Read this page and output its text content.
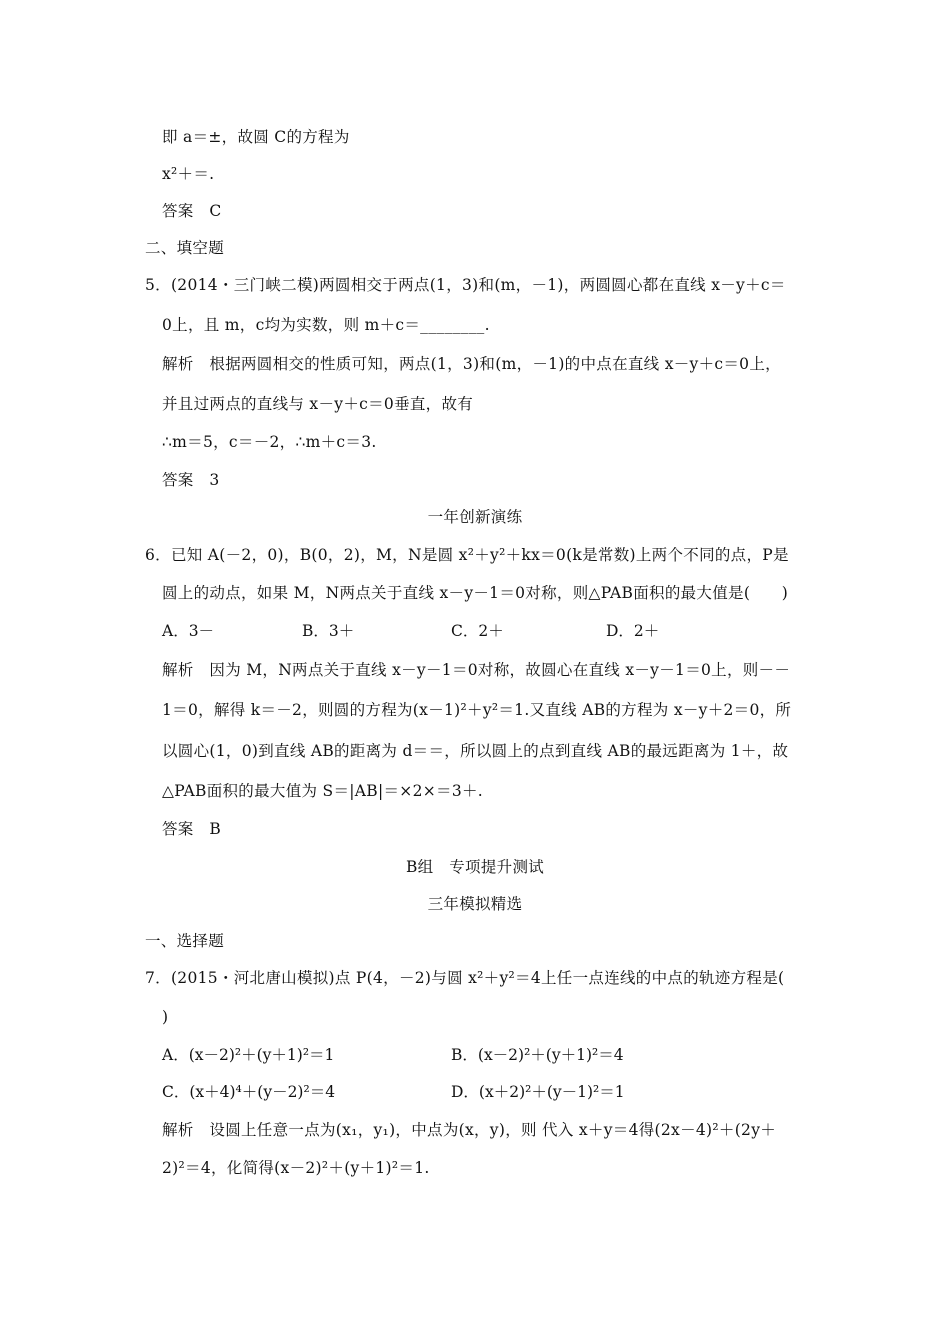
即 a＝±，故圆 C的方程为
x²＋＝.
答案　C
二、填空题
5．(2014・三门峡二模)两圆相交于两点(1，3)和(m，－1)，两圆圆心都在直线 x－y＋c＝
0上，且 m，c均为实数，则 m＋c＝________.
解析　根据两圆相交的性质可知，两点(1，3)和(m，－1)的中点在直线 x－y＋c＝0上，
并且过两点的直线与 x－y＋c＝0垂直，故有
∴m＝5，c＝－2，∴m＋c＝3.
答案　3
一年创新演练
6．已知 A(－2，0)，B(0，2)，M，N是圆 x²＋y²＋kx＝0(k是常数)上两个不同的点，P是
圆上的动点，如果 M，N两点关于直线 x－y－1＝0对称，则△PAB面积的最大值是(　　)
A．3－	B．3＋	C．2＋	D．2＋
解析　因为 M，N两点关于直线 x－y－1＝0对称，故圆心在直线 x－y－1＝0上，则－－
1＝0，解得 k＝－2，则圆的方程为(x－1)²＋y²＝1.又直线 AB的方程为 x－y＋2＝0，所
以圆心(1，0)到直线 AB的距离为 d＝＝，所以圆上的点到直线 AB的最远距离为 1＋，故
△PAB面积的最大值为 S＝|AB|＝×2×＝3＋.
答案　B
B组　专项提升测试
三年模拟精选
一、选择题
7．(2015・河北唐山模拟)点 P(4，－2)与圆 x²＋y²＝4上任一点连线的中点的轨迹方程是(
)
A．(x－2)²＋(y＋1)²＝1	B．(x－2)²＋(y＋1)²＝4
C．(x＋4)⁴＋(y－2)²＝4	D．(x＋2)²＋(y－1)²＝1
解析　设圆上任意一点为(x₁，y₁)，中点为(x，y)，则 代入 x＋y＝4得(2x－4)²＋(2y＋
2)²＝4，化简得(x－2)²＋(y＋1)²＝1.
